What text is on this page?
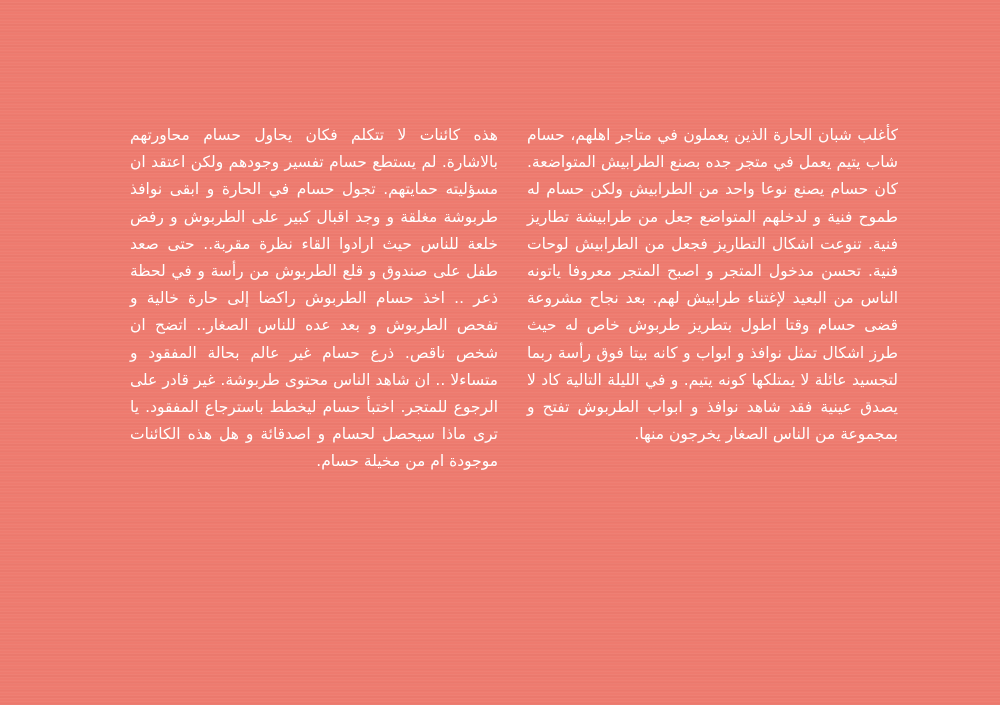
كأغلب شبان الحارة الذين يعملون في متاجر اهلهم، حسام شاب يتيم يعمل في متجر جده بصنع الطرابيش المتواضعة. كان حسام يصنع نوعا واحد من الطرابيش ولكن حسام له طموح فنية و لدخلهم المتواضع جعل من طرابيشة تطاريز فنية. تنوعت اشكال التطاريز فجعل من الطرابيش لوحات فنية. تحسن مدخول المتجر و اصبح المتجر معروفا ياتونه الناس من البعيد لإغتناء طرابيش لهم. بعد نجاح مشروعة قضى حسام وقتا اطول بتطريز طربوش خاص له حيث طرز اشكال تمثل نوافذ و ابواب و كانه بيتا فوق رأسة ربما لتجسيد عائلة لا يمتلكها كونه يتيم. و في الليلة التالية كاد لا يصدق عينية فقد شاهد نوافذ و ابواب الطربوش تفتح و بمجموعة من الناس الصغار يخرجون منها.

هذه كائنات لا تتكلم فكان يحاول حسام محاورتهم بالاشارة. لم يستطع حسام تفسير وجودهم ولكن اعتقد ان مسؤليته حمايتهم. تجول حسام في الحارة و ابقى نوافذ طربوشة مغلقة و وجد اقبال كبير على الطربوش و رفض خلعة للناس حيث ارادوا القاء نظرة مقربة.. حتى صعد طفل على صندوق و قلع الطربوش من رأسة و في لحظة ذعر .. اخذ حسام الطربوش راكضا إلى حارة خالية و تفحص الطربوش و بعد عده للناس الصغار.. اتضح ان شخص ناقص. ذرع حسام غير عالم بحالة المفقود و متساءلا .. ان شاهد الناس محتوى طربوشة. غير قادر على الرجوع للمتجر. اختبأ حسام ليخطط باسترجاع المفقود. يا ترى ماذا سيحصل لحسام و اصدقائة و هل هذه الكائنات موجودة ام من مخيلة حسام.
